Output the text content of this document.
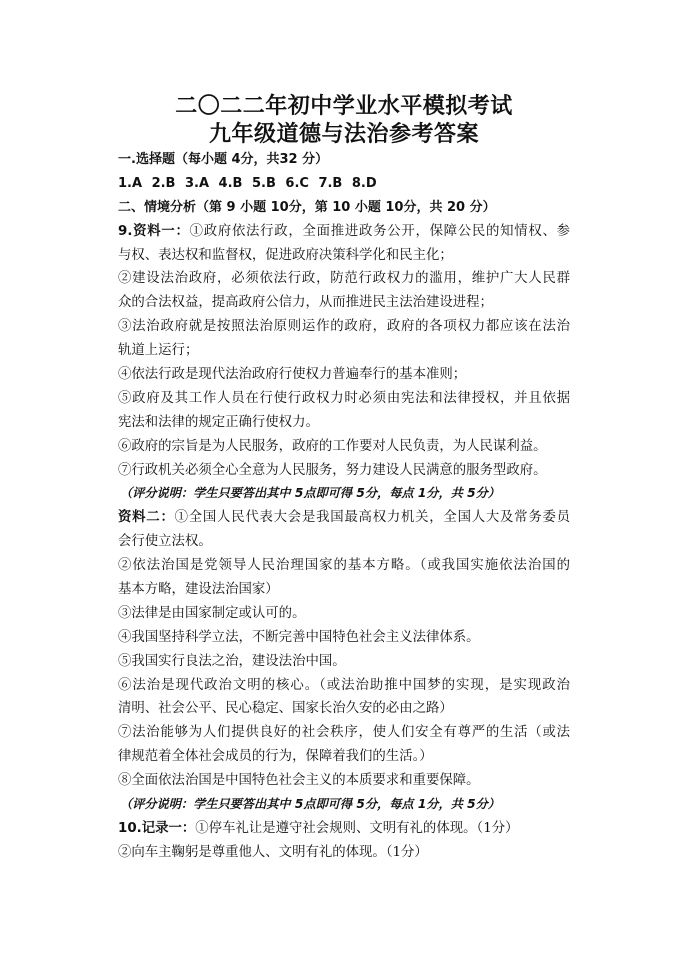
二〇二二年初中学业水平模拟考试
九年级道德与法治参考答案
一.选择题（每小题 4分，共32 分）
1.A 2.B 3.A 4.B 5.B 6.C 7.B 8.D
二、情境分析（第 9 小题 10分，第 10 小题 10分，共 20 分）
9.资料一：①政府依法行政，全面推进政务公开，保障公民的知情权、参
与权、表达权和监督权，促进政府决策科学化和民主化；
②建设法治政府，必须依法行政，防范行政权力的滥用，维护广大人民群
众的合法权益，提高政府公信力，从而推进民主法治建设进程；
③法治政府就是按照法治原则运作的政府，政府的各项权力都应该在法治
轨道上运行；
④依法行政是现代法治政府行使权力普遍奉行的基本准则；
⑤政府及其工作人员在行使行政权力时必须由宪法和法律授权，并且依据
宪法和法律的规定正确行使权力。
⑥政府的宗旨是为人民服务，政府的工作要对人民负责，为人民谋利益。
⑦行政机关必须全心全意为人民服务，努力建设人民满意的服务型政府。
（评分说明：学生只要答出其中 5点即可得 5分，每点 1分，共 5分）
资料二：①全国人民代表大会是我国最高权力机关，全国人大及常务委员
会行使立法权。
②依法治国是党领导人民治理国家的基本方略。（或我国实施依法治国的
基本方略，建设法治国家）
③法律是由国家制定或认可的。
④我国坚持科学立法，不断完善中国特色社会主义法律体系。
⑤我国实行良法之治，建设法治中国。
⑥法治是现代政治文明的核心。（或法治助推中国梦的实现，是实现政治
清明、社会公平、民心稳定、国家长治久安的必由之路）
⑦法治能够为人们提供良好的社会秩序，使人们安全有尊严的生活（或法
律规范着全体社会成员的行为，保障着我们的生活。）
⑧全面依法治国是中国特色社会主义的本质要求和重要保障。
（评分说明：学生只要答出其中 5点即可得 5分，每点 1分，共 5分）
10.记录一：①停车礼让是遵守社会规则、文明有礼的体现。（1分）
②向车主鞠躬是尊重他人、文明有礼的体现。（1分）
